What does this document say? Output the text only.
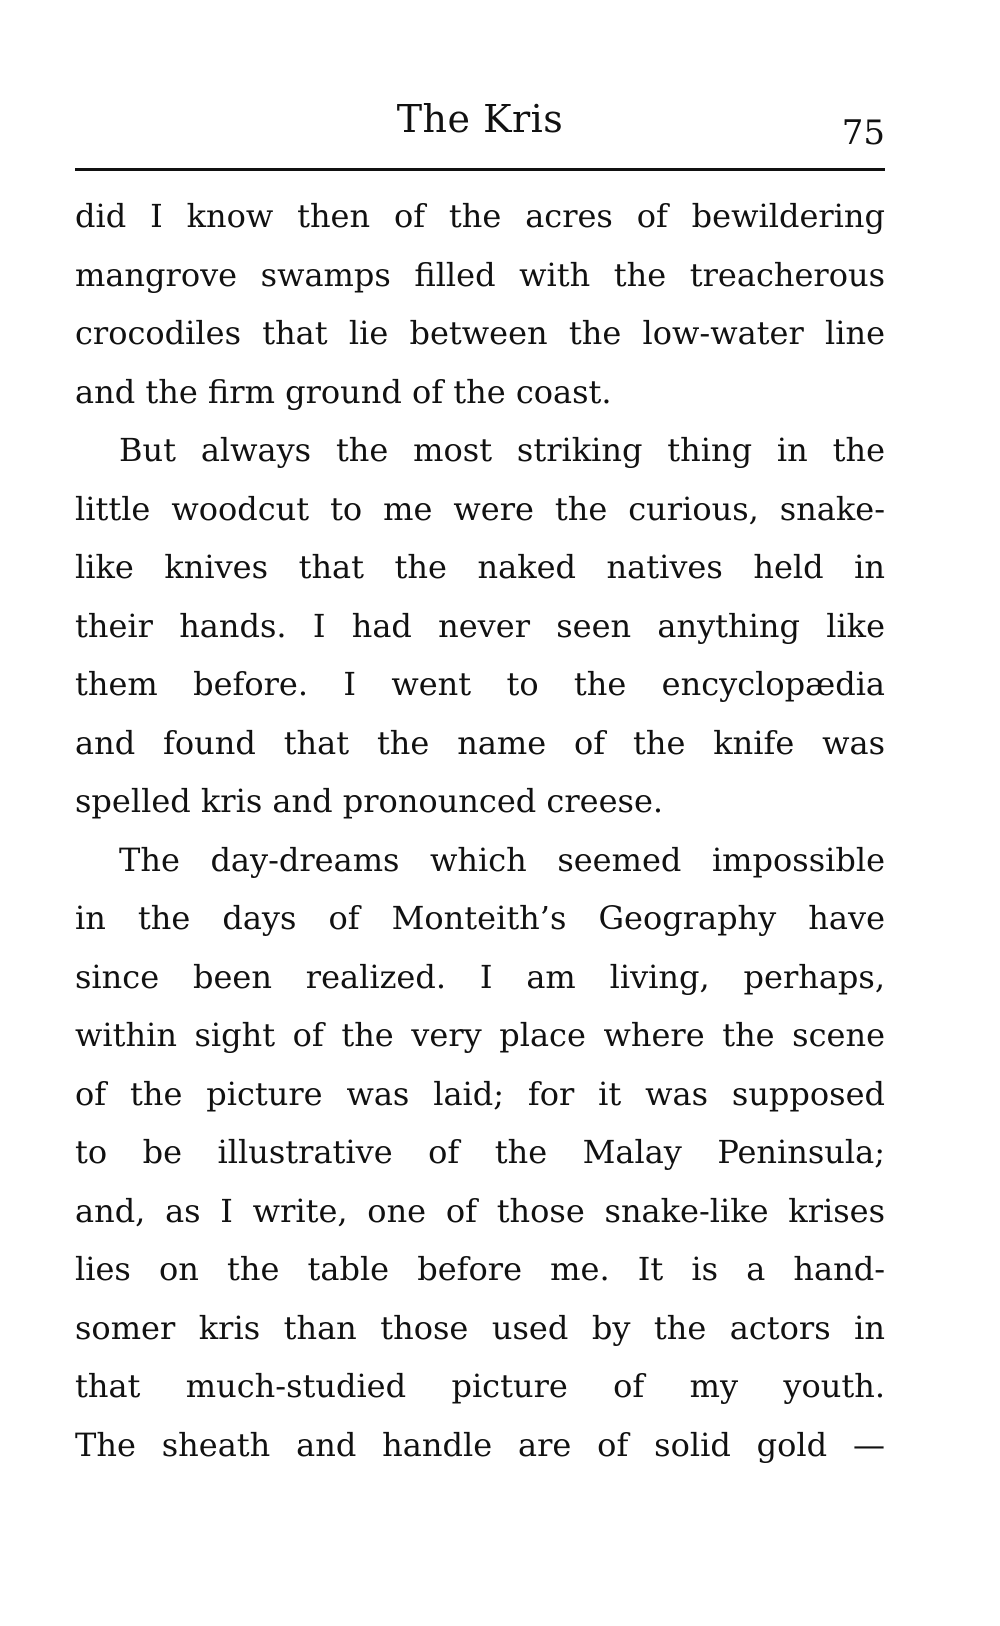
The Kris	75
did I know then of the acres of bewildering
mangrove swamps filled with the treacherous
crocodiles that lie between the low-water line
and the firm ground of the coast.
But always the most striking thing in the
little woodcut to me were the curious, snake-
like knives that the naked natives held in
their hands. I had never seen anything like
them before. I went to the encyclopædia
and found that the name of the knife was
spelled kris and pronounced creese.
The day-dreams which seemed impossible
in the days of Monteith’s Geography have
since been realized. I am living, perhaps,
within sight of the very place where the scene
of the picture was laid; for it was supposed
to be illustrative of the Malay Peninsula;
and, as I write, one of those snake-like krises
lies on the table before me. It is a hand-
somer kris than those used by the actors in
that much-studied picture of my youth.
The sheath and handle are of solid gold —
